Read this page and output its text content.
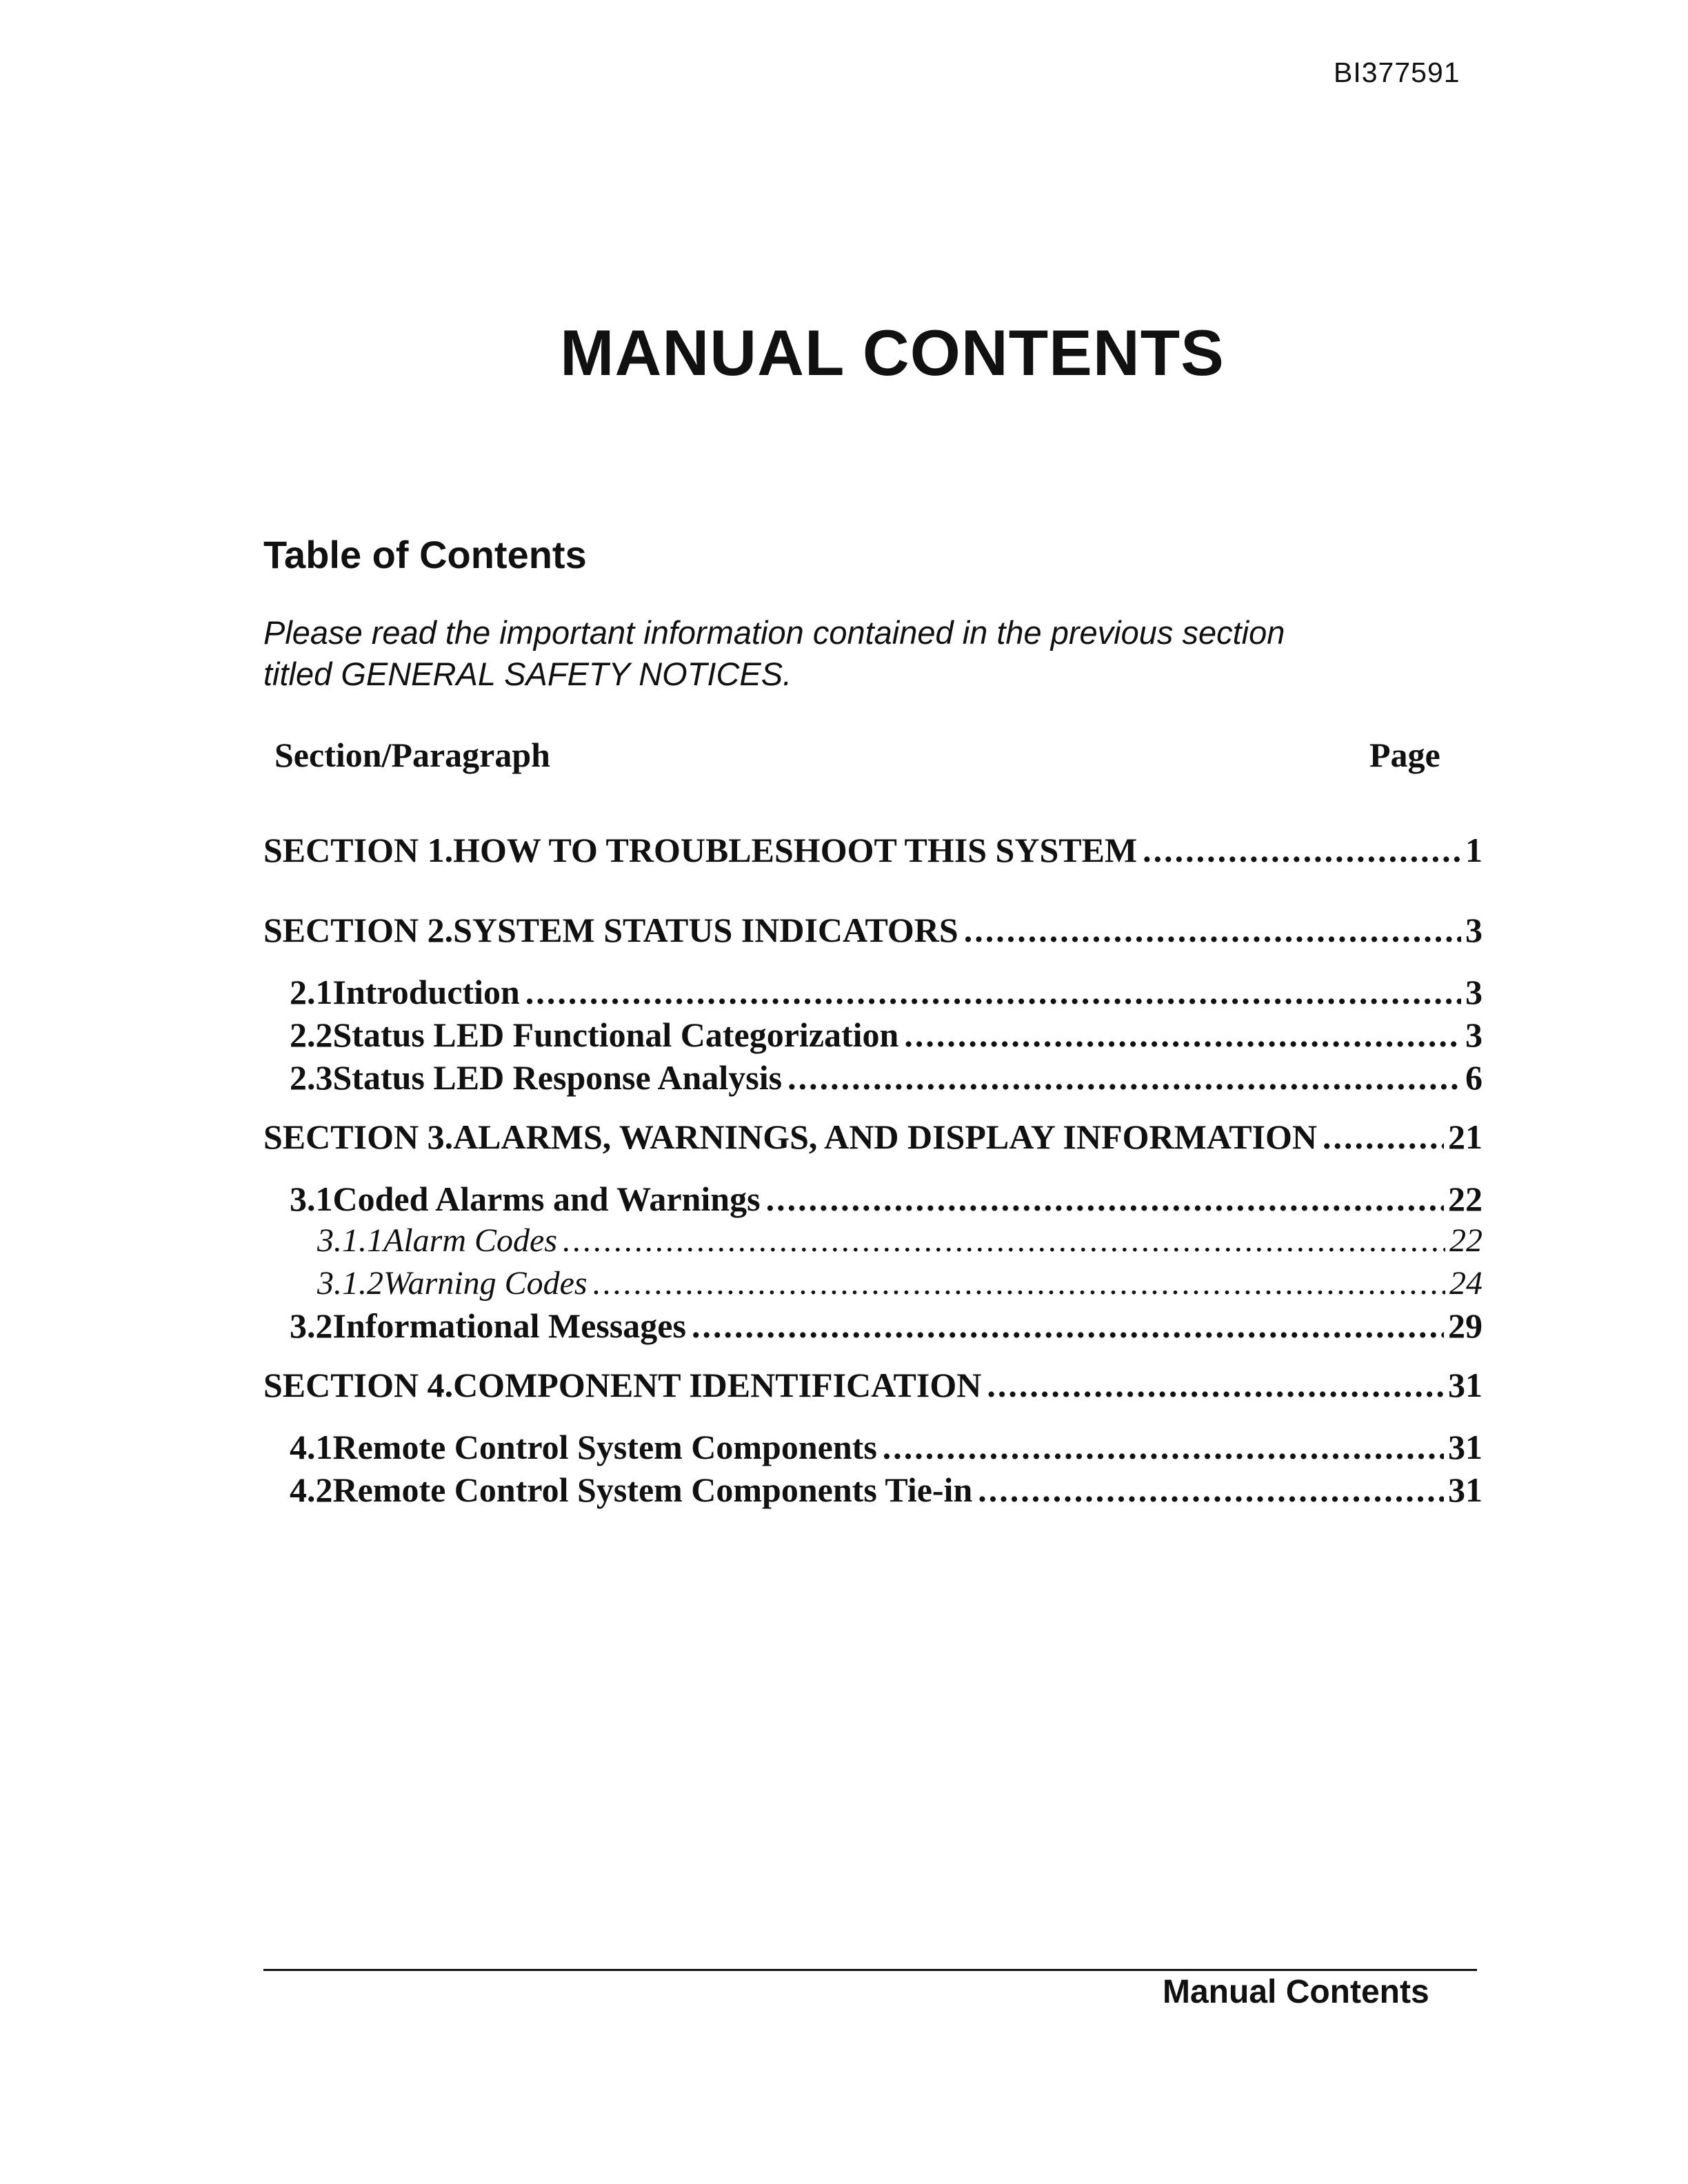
BI377591
MANUAL CONTENTS
Table of Contents

Please read the important information contained in the previous section
titled GENERAL SAFETY NOTICES.

Section/Paragraph	Page
SECTION 1. HOW TO TROUBLESHOOT THIS SYSTEM .....	1
SECTION 2. SYSTEM STATUS INDICATORS .....	3
2.1 Introduction .....	3
2.2 Status LED Functional Categorization .....	3
2.3 Status LED Response Analysis .....	6
SECTION 3. ALARMS, WARNINGS, AND DISPLAY INFORMATION .....	21
3.1 Coded Alarms and Warnings .....	22
3.1.1 Alarm Codes .....	22
3.1.2 Warning Codes .....	24
3.2 Informational Messages .....	29
SECTION 4. COMPONENT IDENTIFICATION .....	31
4.1 Remote Control System Components .....	31
4.2 Remote Control System Components Tie-in .....	31
Manual Contents
